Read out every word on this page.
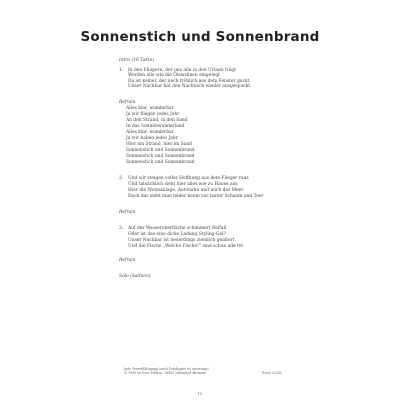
Sonnenstich und Sonnenbrand
Intro (16 Takte)
1. In den Fliegern, der uns alle in den Urlaub trägt
Werden alle wie die Ölsardinen eingelegt
Da ist keiner, der noch fröhlich aus dem Fenster guckt
Unser Nachbar hat den Nachtisch wieder ausgespuckt
Refrain
Alles klar, wunderbar
Ja wir fliegen jedes Jahr
An den Strand, in den Sand
In das Sonnenwunderland
Alles klar, wunderbar
Ja wir haben jedes Jahr
Hier am Strand, hier im Sand
Sonnenstich und Sonnenbrand
Sonnenstich und Sonnenbrand
Sonnenstich und Sonnenbrand
2. Und wir steigen voller Hoffnung aus dem Flieger raus
Und tatsächlich sieht hier alles wie zu Hause aus
Hier die Wohnanlage, Autobahn und auch das Meer
Doch das sieht man leider kaum vor lauter Schaum und Teer
Refrain
3. Auf der Wasseroberfläche schimmert Beifall
Oder ist das eine dicke Ladung Styling-Gel?
Unser Nachbar ist neuerdings ziemlich gealtert
Und die Fische „Welche Fische!“ sind schon alle tot
Refrain
Solo (Saltnon)
Jede Vervielfältigung (auch Fotokopie) ist untersagt!
© 1999 by Eres Edition, 28865 Lilienthal /Bremen	Eres 2216
10
